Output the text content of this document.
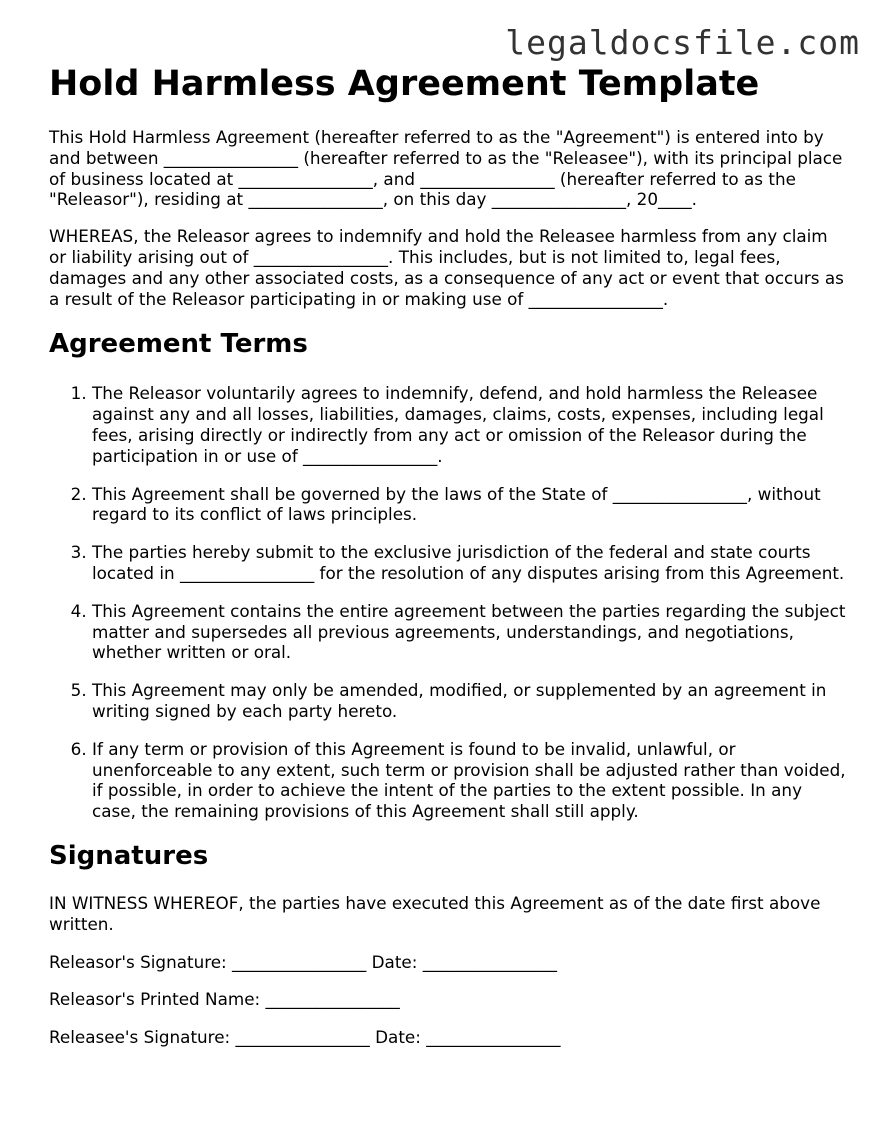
legaldocsfile.com
Hold Harmless Agreement Template

This Hold Harmless Agreement (hereafter referred to as the "Agreement") is entered into by and between ________________ (hereafter referred to as the "Releasee"), with its principal place of business located at ________________, and ________________ (hereafter referred to as the "Releasor"), residing at ________________, on this day ________________, 20____.

WHEREAS, the Releasor agrees to indemnify and hold the Releasee harmless from any claim or liability arising out of ________________. This includes, but is not limited to, legal fees, damages and any other associated costs, as a consequence of any act or event that occurs as a result of the Releasor participating in or making use of ________________.

Agreement Terms
1. The Releasor voluntarily agrees to indemnify, defend, and hold harmless the Releasee against any and all losses, liabilities, damages, claims, costs, expenses, including legal fees, arising directly or indirectly from any act or omission of the Releasor during the participation in or use of ________________.
2. This Agreement shall be governed by the laws of the State of ________________, without regard to its conflict of laws principles.
3. The parties hereby submit to the exclusive jurisdiction of the federal and state courts located in ________________ for the resolution of any disputes arising from this Agreement.
4. This Agreement contains the entire agreement between the parties regarding the subject matter and supersedes all previous agreements, understandings, and negotiations, whether written or oral.
5. This Agreement may only be amended, modified, or supplemented by an agreement in writing signed by each party hereto.
6. If any term or provision of this Agreement is found to be invalid, unlawful, or unenforceable to any extent, such term or provision shall be adjusted rather than voided, if possible, in order to achieve the intent of the parties to the extent possible. In any case, the remaining provisions of this Agreement shall still apply.
Signatures

IN WITNESS WHEREOF, the parties have executed this Agreement as of the date first above written.

Releasor's Signature: ________________ Date: ________________

Releasor's Printed Name: ________________

Releasee's Signature: ________________ Date: ________________
